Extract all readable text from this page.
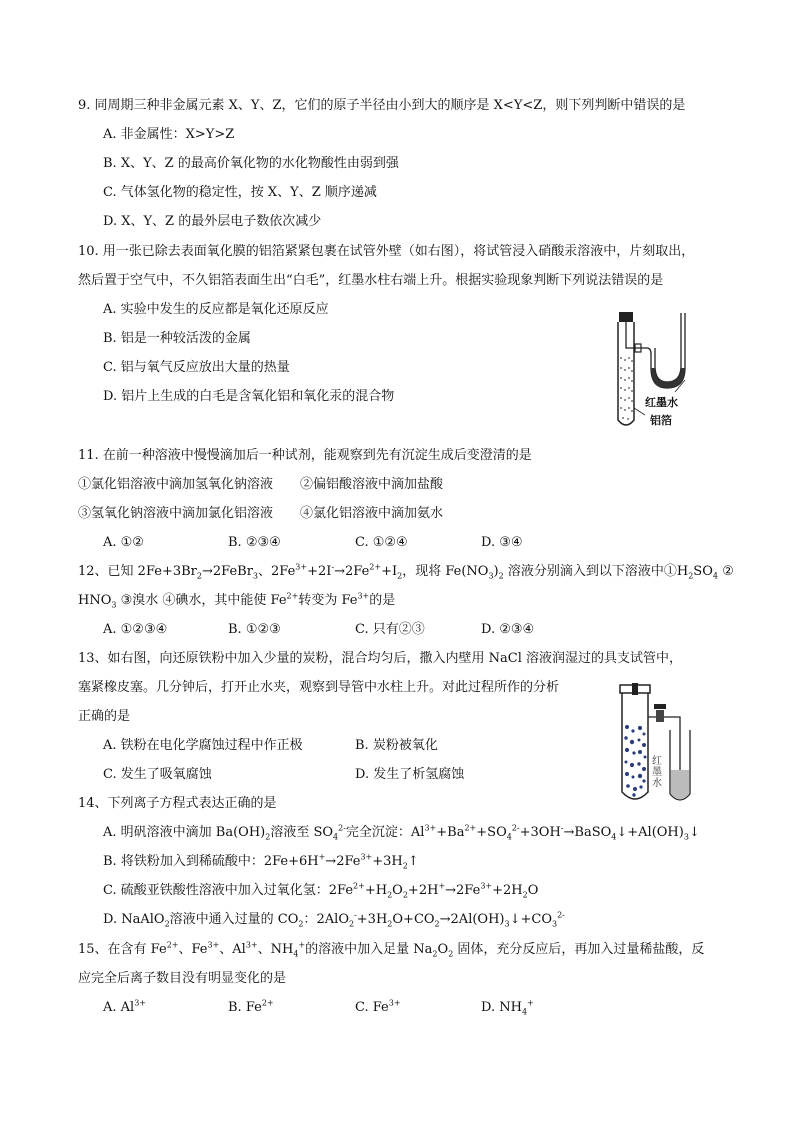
9. 同周期三种非金属元素 X、Y、Z，它们的原子半径由小到大的顺序是 X<Y<Z，则下列判断中错误的是
A. 非金属性：X>Y>Z
B. X、Y、Z 的最高价氧化物的水化物酸性由弱到强
C. 气体氢化物的稳定性，按 X、Y、Z 顺序递减
D. X、Y、Z 的最外层电子数依次减少
10. 用一张已除去表面氧化膜的铝箔紧紧包裹在试管外壁（如右图），将试管浸入硝酸汞溶液中，片刻取出，
然后置于空气中，不久铝箔表面生出“白毛”，红墨水柱右端上升。根据实验现象判断下列说法错误的是
A. 实验中发生的反应都是氧化还原反应
B. 铝是一种较活泼的金属
C. 铝与氧气反应放出大量的热量
D. 铝片上生成的白毛是含氧化铝和氧化汞的混合物	红墨水
铝箔
11. 在前一种溶液中慢慢滴加后一种试剂，能观察到先有沉淀生成后变澄清的是
①氯化铝溶液中滴加氢氧化钠溶液 ②偏铝酸溶液中滴加盐酸
③氢氧化钠溶液中滴加氯化铝溶液 ④氯化铝溶液中滴加氨水
A. ①②	B. ②③④	C. ①②④	D. ③④
12、已知 $2Fe+3Br_2\to 2FeBr_3$、$2Fe^{3+}+2I^-\to 2Fe^{2+}+I_2$，现将 $Fe(NO_3)_2$ 溶液分别滴入到以下溶液中$①H_2SO_4$ ②
$HNO_3$ ③溴水 ④碘水，其中能使 $Fe^{2+}$转变为 $Fe^{3+}$的是
A. ①②③④	B. ①②③	C. 只有②③	D. ②③④
13、如右图，向还原铁粉中加入少量的炭粉，混合均匀后，撒入内壁用 NaCl 溶液润湿过的具支试管中，
塞紧橡皮塞。几分钟后，打开止水夹，观察到导管中水柱上升。对此过程所作的分析
正确的是
A. 铁粉在电化学腐蚀过程中作正极	B. 炭粉被氧化
C. 发生了吸氧腐蚀	D. 发生了析氢腐蚀
红墨水
14、下列离子方程式表达正确的是
A. 明矾溶液中滴加 $Ba(OH)_2$溶液至 $SO_4^{2-}$完全沉淀：$Al^{3+}+Ba^{2+}+SO_4^{2-}+3OH^-\to BaSO_4↓+Al(OH)_3↓$
B. 将铁粉加入到稀硫酸中：$2Fe+6H^+\to 2Fe^{3+}+3H_2↑$
C. 硫酸亚铁酸性溶液中加入过氧化氢：$2Fe^{2+}+H_2O_2+2H^+\to 2Fe^{3+}+2H_2O$
D. NaAlO$_2$溶液中通入过量的 $CO_2$：$2AlO_2^-+3H_2O+CO_2\to 2Al(OH)_3↓+CO_3^{2-}$
15、在含有 $Fe^{2+}$、$Fe^{3+}$、$Al^{3+}$、$NH_4^+$的溶液中加入足量 $Na_2O_2$ 固体，充分反应后，再加入过量稀盐酸，反
应完全后离子数目没有明显变化的是
A. $Al^{3+}$	B. $Fe^{2+}$	C. $Fe^{3+}$	D. $NH_4^+$
